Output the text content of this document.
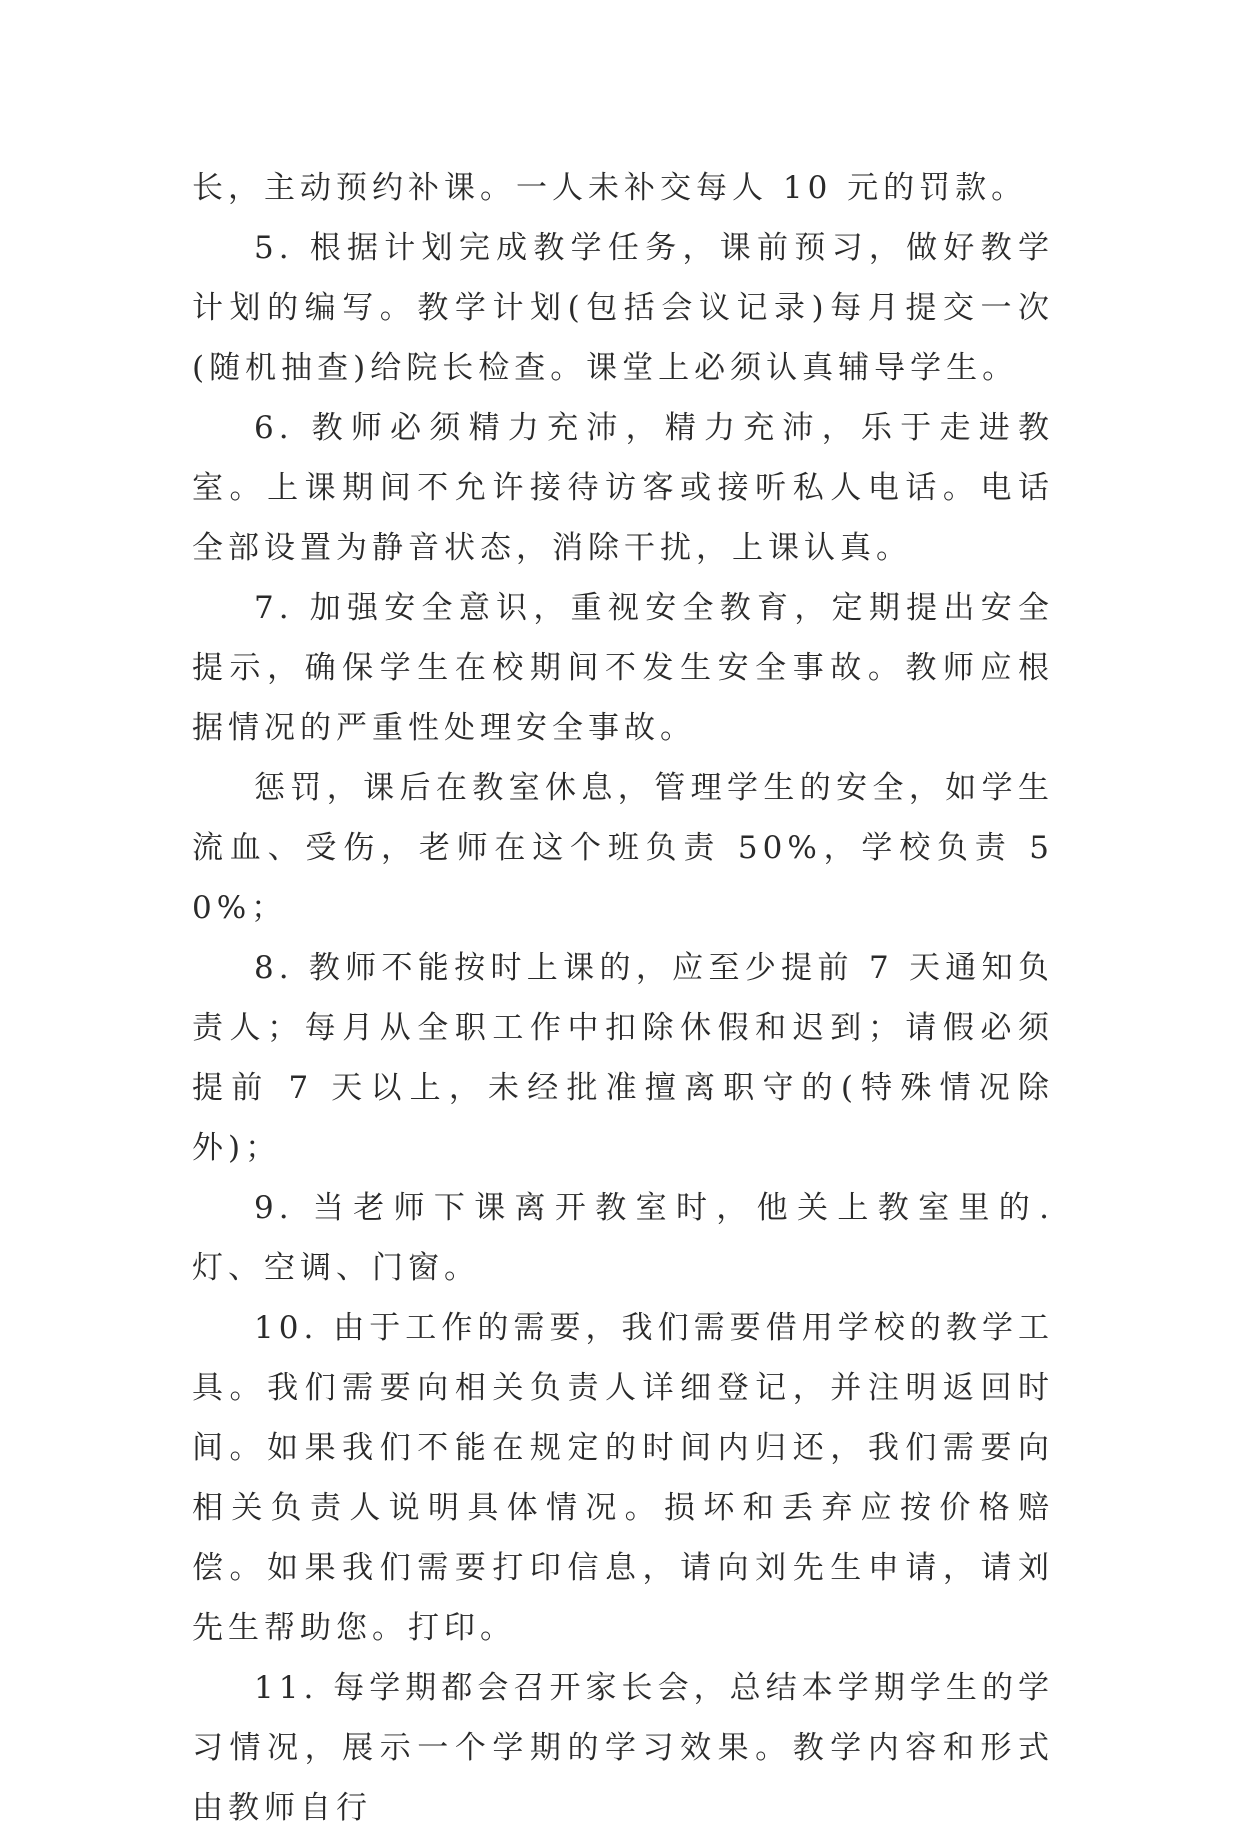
长，主动预约补课。一人未补交每人 10 元的罚款。

5. 根据计划完成教学任务，课前预习，做好教学计划的编写。教学计划(包括会议记录)每月提交一次(随机抽查)给院长检查。课堂上必须认真辅导学生。

6. 教师必须精力充沛，精力充沛，乐于走进教室。上课期间不允许接待访客或接听私人电话。电话全部设置为静音状态，消除干扰，上课认真。

7. 加强安全意识，重视安全教育，定期提出安全提示，确保学生在校期间不发生安全事故。教师应根据情况的严重性处理安全事故。

惩罚，课后在教室休息，管理学生的安全，如学生流血、受伤，老师在这个班负责 50%，学校负责 50%；

8. 教师不能按时上课的，应至少提前 7 天通知负责人；每月从全职工作中扣除休假和迟到；请假必须提前 7 天以上，未经批准擅离职守的(特殊情况除外)；

9. 当老师下课离开教室时，他关上教室里的. 灯、空调、门窗。

10. 由于工作的需要，我们需要借用学校的教学工具。我们需要向相关负责人详细登记，并注明返回时间。如果我们不能在规定的时间内归还，我们需要向相关负责人说明具体情况。损坏和丢弃应按价格赔偿。如果我们需要打印信息，请向刘先生申请，请刘先生帮助您。打印。

11. 每学期都会召开家长会，总结本学期学生的学习情况，展示一个学期的学习效果。教学内容和形式由教师自行
